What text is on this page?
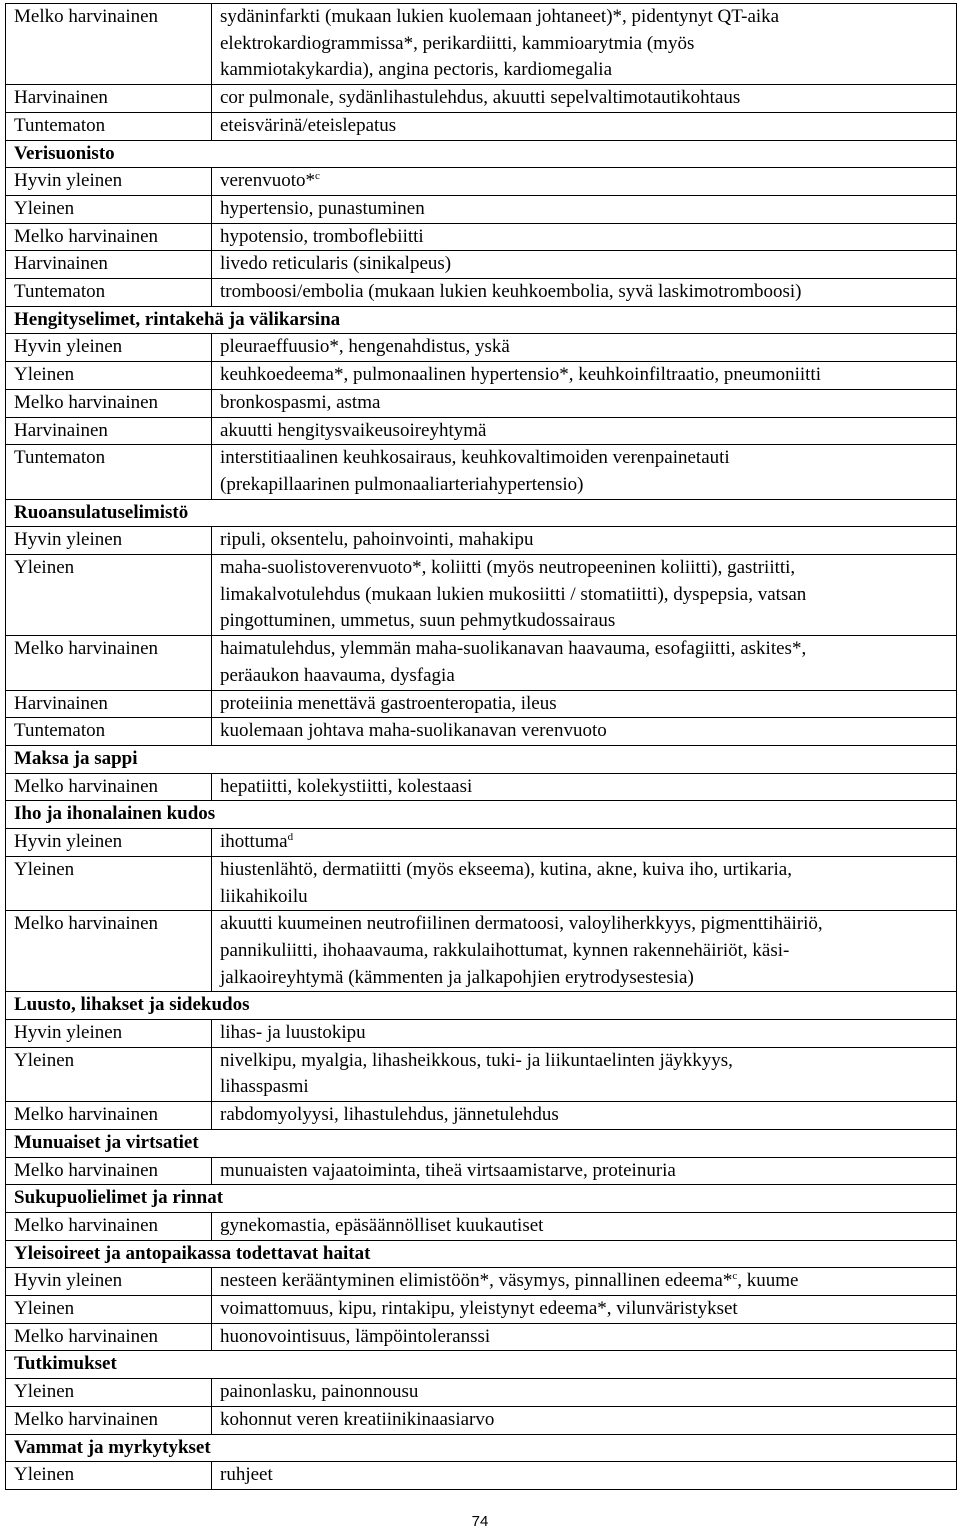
Melko harvinainen	sydäninfarkti (mukaan lukien kuolemaan johtaneet)*, pidentynyt QT-aika
elektrokardiogrammissa*, perikardiitti, kammioarytmia (myös
kammiotakykardia), angina pectoris, kardiomegalia

Harvinainen	cor pulmonale, sydänlihastulehdus, akuutti sepelvaltimotautikohtaus

Tuntematon	eteisvärinä/eteislepatus

Verisuonisto	
Hyvin yleinen	verenvuoto*$^c$

Yleinen	hypertensio, punastuminen

Melko harvinainen	hypotensio, tromboflebiitti

Harvinainen	livedo reticularis (sinikalpeus)

Tuntematon	tromboosi/embolia (mukaan lukien keuhkoembolia, syvä laskimotromboosi)

Hengityselimet, rintakehä ja välikarsina	
Hyvin yleinen	pleuraeffuusio*, hengenahdistus, yskä

Yleinen	keuhkoedeema*, pulmonaalinen hypertensio*, keuhkoinfiltraatio, pneumoniitti

Melko harvinainen	bronkospasmi, astma

Harvinainen	akuutti hengitysvaikeusoireyhtymä

Tuntematon	interstitiaalinen keuhkosairaus, keuhkovaltimoiden verenpainetauti
(prekapillaarinen pulmonaaliarteriahypertensio)

Ruoansulatuselimistö	
Hyvin yleinen	ripuli, oksentelu, pahoinvointi, mahakipu

Yleinen	maha-suolistoverenvuoto*, koliitti (myös neutropeeninen koliitti), gastriitti,
limakalvotulehdus (mukaan lukien mukosiitti / stomatiitti), dyspepsia, vatsan
pingottuminen, ummetus, suun pehmytkudossairaus

Melko harvinainen	haimatulehdus, ylemmän maha-suolikanavan haavauma, esofagiitti, askites*,
peräaukon haavauma, dysfagia

Harvinainen	proteiinia menettävä gastroenteropatia, ileus

Tuntematon	kuolemaan johtava maha-suolikanavan verenvuoto

Maksa ja sappi	
Melko harvinainen	hepatiitti, kolekystiitti, kolestaasi

Iho ja ihonalainen kudos	
Hyvin yleinen	ihottuma$^d$

Yleinen	hiustenlähtö, dermatiitti (myös ekseema), kutina, akne, kuiva iho, urtikaria,
liikahikoilu

Melko harvinainen	akuutti kuumeinen neutrofiilinen dermatoosi, valoyliherkkyys, pigmenttihäiriö,
pannikuliitti, ihohaavauma, rakkulaihottumat, kynnen rakennehäiriöt, käsi-
jalkaoireyhtymä (kämmenten ja jalkapohjien erytrodysestesia)

Luusto, lihakset ja sidekudos	
Hyvin yleinen	lihas- ja luustokipu

Yleinen	nivelkipu, myalgia, lihasheikkous, tuki- ja liikuntaelinten jäykkyys,
lihasspasmi

Melko harvinainen	rabdomyolyysi, lihastulehdus, jännetulehdus

Munuaiset ja virtsatiet	
Melko harvinainen	munuaisten vajaatoiminta, tiheä virtsaamistarve, proteinuria

Sukupuolielimet ja rinnat	
Melko harvinainen	gynekomastia, epäsäännölliset kuukautiset

Yleisoireet ja antopaikassa todettavat haitat	
Hyvin yleinen	nesteen kerääntyminen elimistöön*, väsymys, pinnallinen edeema*$^c$, kuume

Yleinen	voimattomuus, kipu, rintakipu, yleistynyt edeema*, vilunväristykset

Melko harvinainen	huonovointisuus, lämpöintoleranssi

Tutkimukset	
Yleinen	painonlasku, painonnousu

Melko harvinainen	kohonnut veren kreatiinikinaasiarvo

Vammat ja myrkytykset	
Yleinen	ruhjeet
74
